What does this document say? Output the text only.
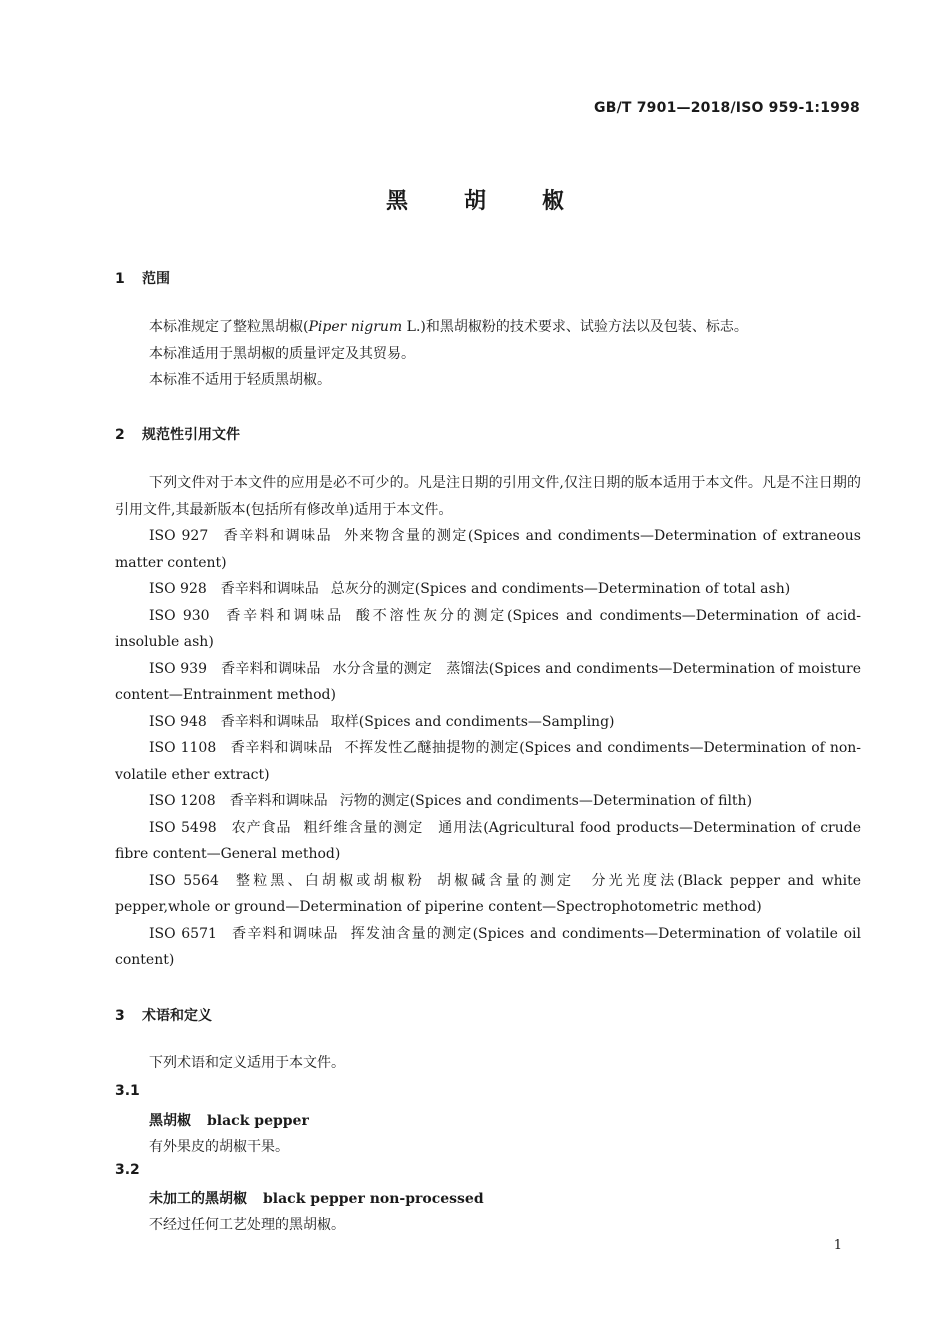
GB/T 7901—2018/ISO 959-1:1998
黑胡椒
1 范围

本标准规定了整粒黑胡椒(Piper nigrum L.)和黑胡椒粉的技术要求、试验方法以及包装、标志。

本标准适用于黑胡椒的质量评定及其贸易。

本标准不适用于轻质黑胡椒。

2 规范性引用文件

下列文件对于本文件的应用是必不可少的。凡是注日期的引用文件,仅注日期的版本适用于本文件。凡是不注日期的引用文件,其最新版本(包括所有修改单)适用于本文件。

ISO 927 香辛料和调味品 外来物含量的测定(Spices and condiments—Determination of extraneous matter content)

ISO 928 香辛料和调味品 总灰分的测定(Spices and condiments—Determination of total ash)

ISO 930 香辛料和调味品 酸不溶性灰分的测定(Spices and condiments—Determination of acid-insoluble ash)

ISO 939 香辛料和调味品 水分含量的测定　蒸馏法(Spices and condiments—Determination of moisture content—Entrainment method)

ISO 948 香辛料和调味品 取样(Spices and condiments—Sampling)

ISO 1108 香辛料和调味品 不挥发性乙醚抽提物的测定(Spices and condiments—Determination of non-volatile ether extract)

ISO 1208 香辛料和调味品 污物的测定(Spices and condiments—Determination of filth)

ISO 5498 农产食品 粗纤维含量的测定　通用法(Agricultural food products—Determination of crude fibre content—General method)

ISO 5564 整粒黑、白胡椒或胡椒粉 胡椒碱含量的测定　分光光度法(Black pepper and white pepper,whole or ground—Determination of piperine content—Spectrophotometric method)

ISO 6571 香辛料和调味品 挥发油含量的测定(Spices and condiments—Determination of volatile oil content)

3 术语和定义

下列术语和定义适用于本文件。

3.1
黑胡椒 black pepper
有外果皮的胡椒干果。
3.2
未加工的黑胡椒 black pepper non-processed
不经过任何工艺处理的黑胡椒。
1
